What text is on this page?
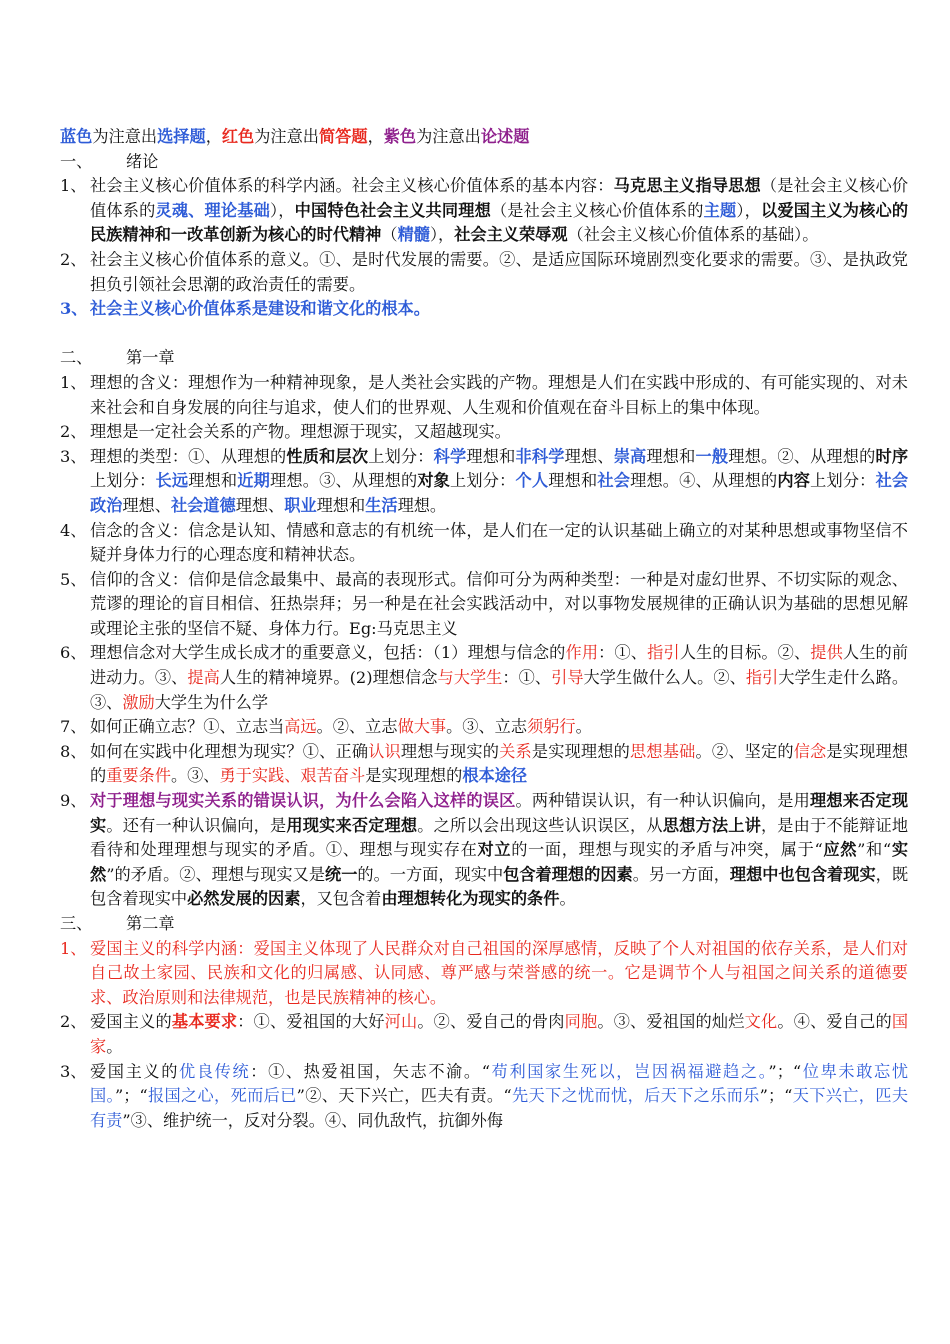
蓝色为注意出选择题，红色为注意出简答题，紫色为注意出论述题
一、 绪论
1、 社会主义核心价值体系的科学内涵。社会主义核心价值体系的基本内容：马克思主义指导思想（是社会主义核心价值体系的灵魂、理论基础），中国特色社会主义共同理想（是社会主义核心价值体系的主题），以爱国主义为核心的民族精神和一改革创新为核心的时代精神（精髓），社会主义荣辱观（社会主义核心价值体系的基础）。
2、 社会主义核心价值体系的意义。①、是时代发展的需要。②、是适应国际环境剧烈变化要求的需要。③、是执政党担负引领社会思潮的政治责任的需要。
3、 社会主义核心价值体系是建设和谐文化的根本。
二、 第一章
1、 理想的含义：理想作为一种精神现象，是人类社会实践的产物。理想是人们在实践中形成的、有可能实现的、对未来社会和自身发展的向往与追求，使人们的世界观、人生观和价值观在奋斗目标上的集中体现。
2、 理想是一定社会关系的产物。理想源于现实，又超越现实。
3、 理想的类型：①、从理想的性质和层次上划分：科学理想和非科学理想、崇高理想和一般理想。②、从理想的时序上划分：长远理想和近期理想。③、从理想的对象上划分：个人理想和社会理想。④、从理想的内容上划分：社会政治理想、社会道德理想、职业理想和生活理想。
4、 信念的含义：信念是认知、情感和意志的有机统一体，是人们在一定的认识基础上确立的对某种思想或事物坚信不疑并身体力行的心理态度和精神状态。
5、 信仰的含义：信仰是信念最集中、最高的表现形式。信仰可分为两种类型：一种是对虚幻世界、不切实际的观念、荒谬的理论的盲目相信、狂热崇拜；另一种是在社会实践活动中，对以事物发展规律的正确认识为基础的思想见解或理论主张的坚信不疑、身体力行。Eg:马克思主义
6、 理想信念对大学生成长成才的重要意义，包括：（1）理想与信念的作用：①、指引人生的目标。②、提供人生的前进动力。③、提高人生的精神境界。(2)理想信念与大学生：①、引导大学生做什么人。②、指引大学生走什么路。③、激励大学生为什么学
7、 如何正确立志？①、立志当高远。②、立志做大事。③、立志须躬行。
8、 如何在实践中化理想为现实？①、正确认识理想与现实的关系是实现理想的思想基础。②、坚定的信念是实现理想的重要条件。③、勇于实践、艰苦奋斗是实现理想的根本途径
9、 对于理想与现实关系的错误认识，为什么会陷入这样的误区。两种错误认识，有一种认识偏向，是用理想来否定现实。还有一种认识偏向，是用现实来否定理想。之所以会出现这些认识误区，从思想方法上讲，是由于不能辩证地看待和处理理想与现实的矛盾。①、理想与现实存在对立的一面，理想与现实的矛盾与冲突，属于“应然”和“实然”的矛盾。②、理想与现实又是统一的。一方面，现实中包含着理想的因素。另一方面，理想中也包含着现实，既包含着现实中必然发展的因素，又包含着由理想转化为现实的条件。
三、 第二章
1、 爱国主义的科学内涵：爱国主义体现了人民群众对自己祖国的深厚感情，反映了个人对祖国的依存关系，是人们对自己故土家园、民族和文化的归属感、认同感、尊严感与荣誉感的统一。它是调节个人与祖国之间关系的道德要求、政治原则和法律规范，也是民族精神的核心。
2、 爱国主义的基本要求：①、爱祖国的大好河山。②、爱自己的骨肉同胞。③、爱祖国的灿烂文化。④、爱自己的国家。
3、 爱国主义的优良传统：①、热爱祖国，矢志不渝。“苟利国家生死以，岂因祸福避趋之。”；“位卑未敢忘忧国。”；“报国之心，死而后已”②、天下兴亡，匹夫有责。“先天下之忧而忧，后天下之乐而乐”；“天下兴亡，匹夫有责”③、维护统一，反对分裂。④、同仇敌忾，抗御外侮
